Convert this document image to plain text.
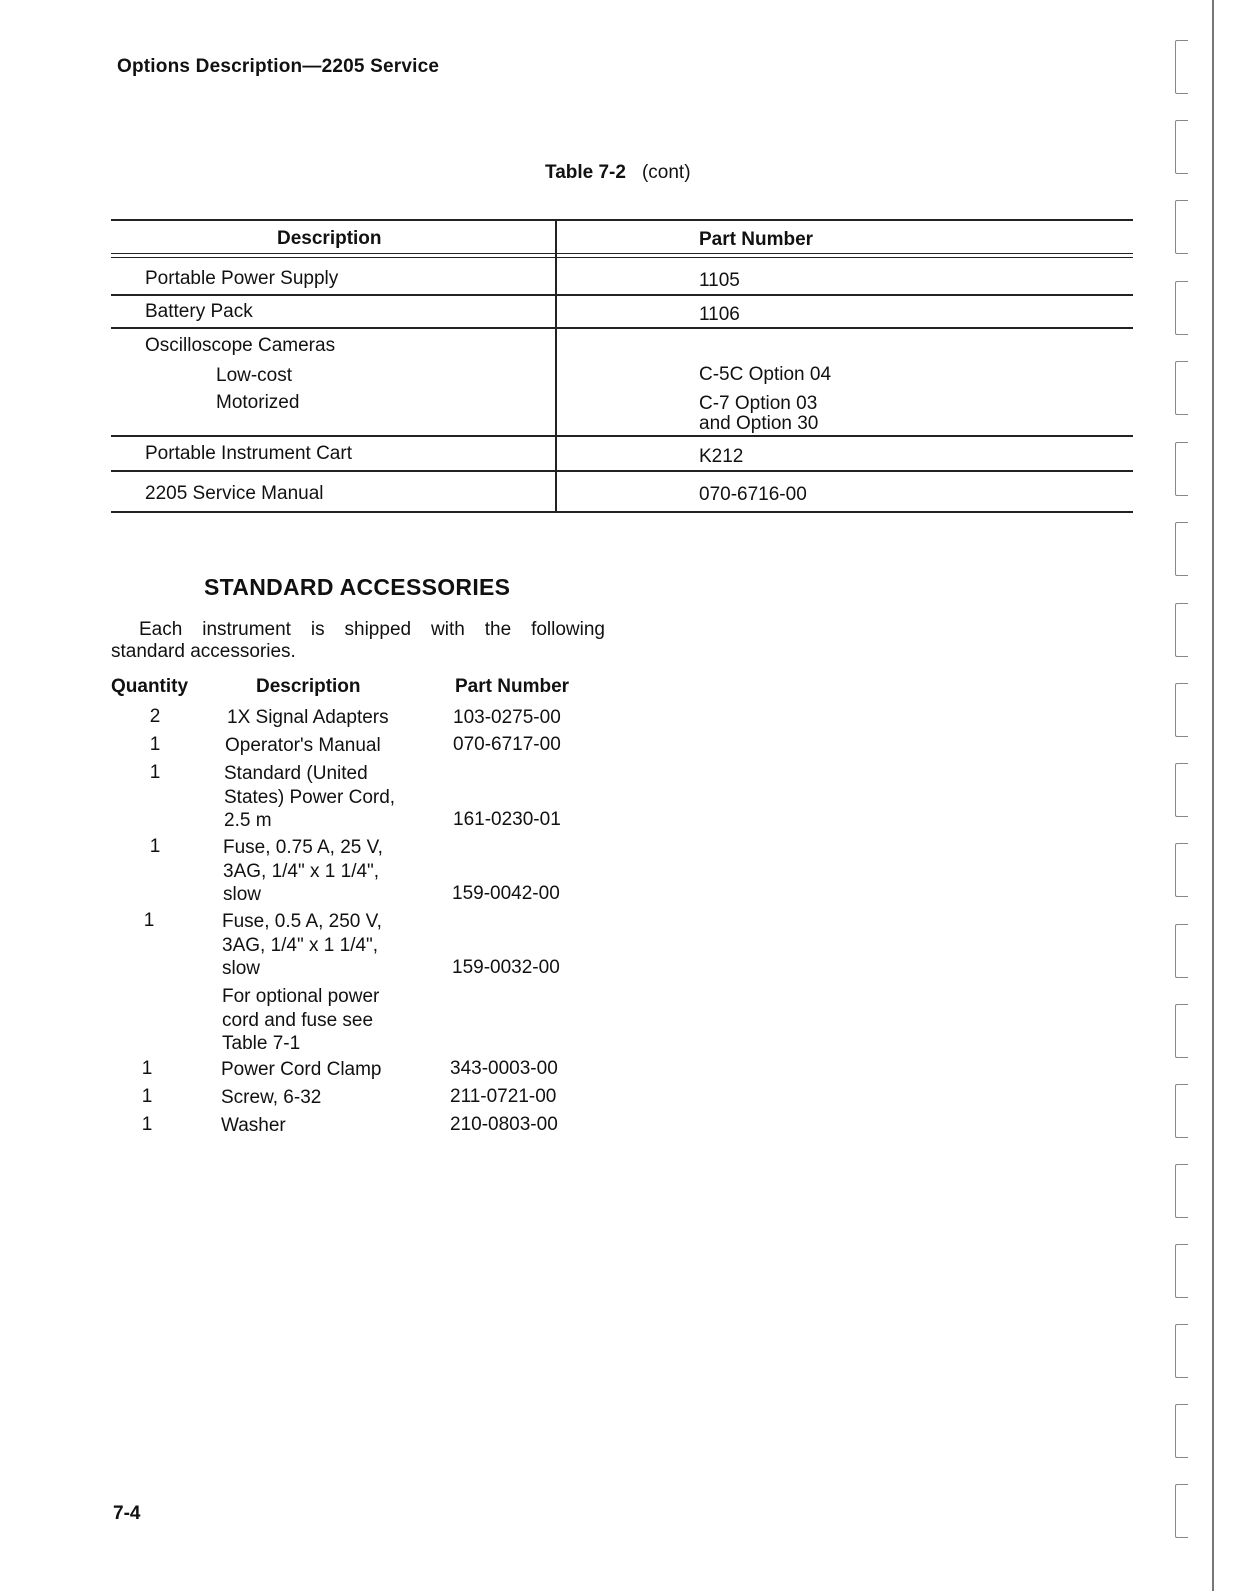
Options Description—2205 Service
Table 7-2 (cont)
Description	Part Number
Portable Power Supply	1105
Battery Pack	1106
Oscilloscope Cameras
Low-cost	C-5C Option 04
Motorized	C-7 Option 03
and Option 30
Portable Instrument Cart	K212
2205 Service Manual	070-6716-00
STANDARD ACCESSORIES
Each instrument is shipped with the following
standard accessories.
Quantity	Description	Part Number
2	1X Signal Adapters	103-0275-00
1	Operator's Manual	070-6717-00
1	Standard (United
States) Power Cord,
2.5 m	161-0230-01
1	Fuse, 0.75 A, 25 V,
3AG, 1/4" x 1 1/4",
slow	159-0042-00
1	Fuse, 0.5 A, 250 V,
3AG, 1/4" x 1 1/4",
slow	159-0032-00
For optional power
cord and fuse see
Table 7-1
1	Power Cord Clamp	343-0003-00
1	Screw, 6-32	211-0721-00
1	Washer	210-0803-00
7-4
